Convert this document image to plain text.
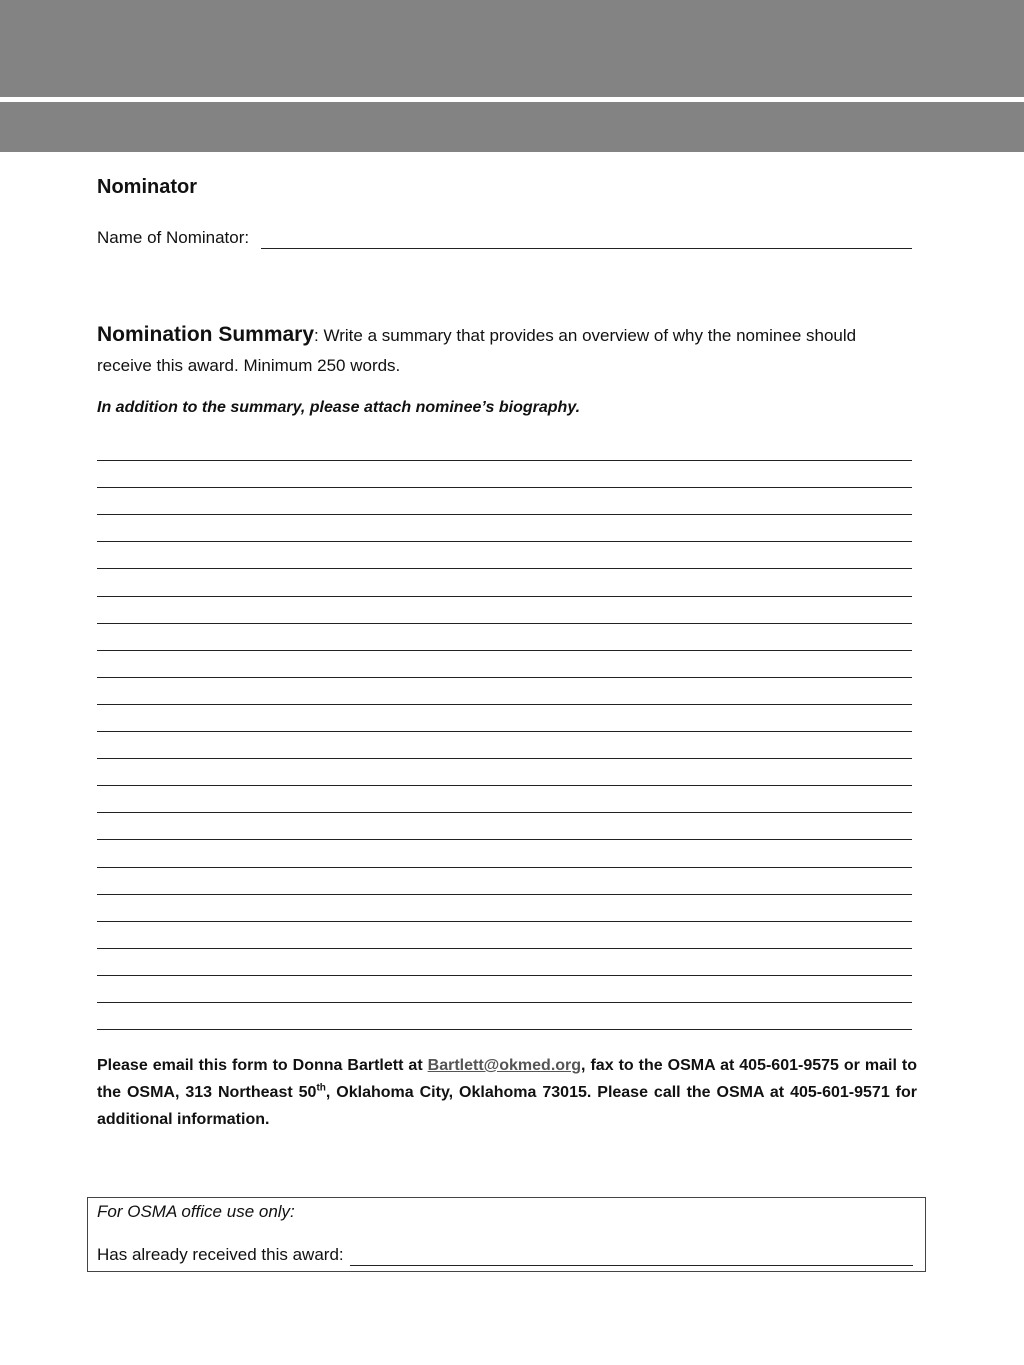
Nominator
Name of Nominator:

Nomination Summary: Write a summary that provides an overview of why the nominee should receive this award. Minimum 250 words.

In addition to the summary, please attach nominee’s biography.

Please email this form to Donna Bartlett at Bartlett@okmed.org, fax to the OSMA at 405-601-9575 or mail to the OSMA, 313 Northeast 50th, Oklahoma City, Oklahoma 73015. Please call the OSMA at 405-601-9571 for additional information.

For OSMA office use only:
Has already received this award:
